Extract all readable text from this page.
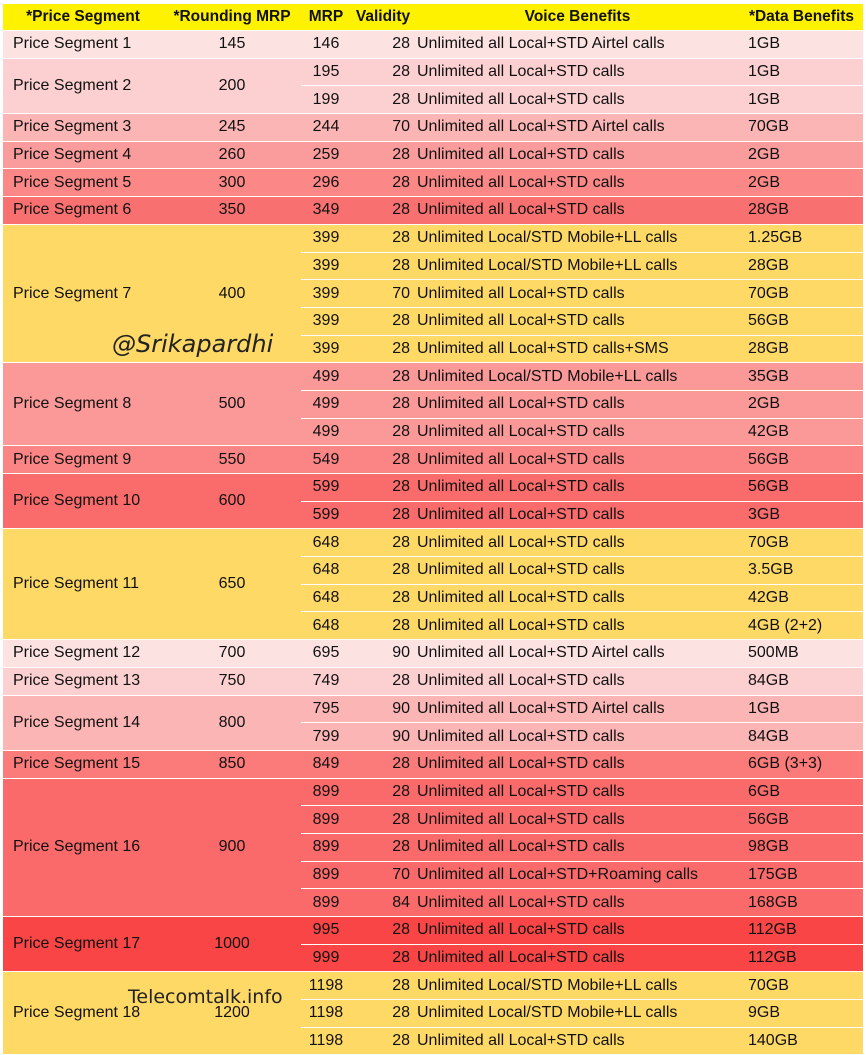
*Price Segment	*Rounding MRP	MRP	Validity	Voice Benefits	*Data Benefits
Price Segment 1	145	146	28	Unlimited all Local+STD Airtel calls	1GB
Price Segment 2	200	195	28	Unlimited all Local+STD calls	1GB
		199	28	Unlimited all Local+STD calls	1GB
Price Segment 3	245	244	70	Unlimited all Local+STD Airtel calls	70GB
Price Segment 4	260	259	28	Unlimited all Local+STD calls	2GB
Price Segment 5	300	296	28	Unlimited all Local+STD calls	2GB
Price Segment 6	350	349	28	Unlimited all Local+STD calls	28GB
Price Segment 7	400	399	28	Unlimited Local/STD Mobile+LL calls	1.25GB
		399	28	Unlimited Local/STD Mobile+LL calls	28GB
		399	70	Unlimited all Local+STD calls	70GB
		399	28	Unlimited all Local+STD calls	56GB
		399	28	Unlimited all Local+STD calls+SMS	28GB
Price Segment 8	500	499	28	Unlimited Local/STD Mobile+LL calls	35GB
		499	28	Unlimited all Local+STD calls	2GB
		499	28	Unlimited all Local+STD calls	42GB
Price Segment 9	550	549	28	Unlimited all Local+STD calls	56GB
Price Segment 10	600	599	28	Unlimited all Local+STD calls	56GB
		599	28	Unlimited all Local+STD calls	3GB
Price Segment 11	650	648	28	Unlimited all Local+STD calls	70GB
		648	28	Unlimited all Local+STD calls	3.5GB
		648	28	Unlimited all Local+STD calls	42GB
		648	28	Unlimited all Local+STD calls	4GB (2+2)
Price Segment 12	700	695	90	Unlimited all Local+STD Airtel calls	500MB
Price Segment 13	750	749	28	Unlimited all Local+STD calls	84GB
Price Segment 14	800	795	90	Unlimited all Local+STD Airtel calls	1GB
		799	90	Unlimited all Local+STD calls	84GB
Price Segment 15	850	849	28	Unlimited all Local+STD calls	6GB (3+3)
Price Segment 16	900	899	28	Unlimited all Local+STD calls	6GB
		899	28	Unlimited all Local+STD calls	56GB
		899	28	Unlimited all Local+STD calls	98GB
		899	70	Unlimited all Local+STD+Roaming calls	175GB
		899	84	Unlimited all Local+STD calls	168GB
Price Segment 17	1000	995	28	Unlimited all Local+STD calls	112GB
		999	28	Unlimited all Local+STD calls	112GB
Price Segment 18	1200	1198	28	Unlimited Local/STD Mobile+LL calls	70GB
		1198	28	Unlimited Local/STD Mobile+LL calls	9GB
		1198	28	Unlimited all Local+STD calls	140GB
@Srikapardhi
Telecomtalk.info
